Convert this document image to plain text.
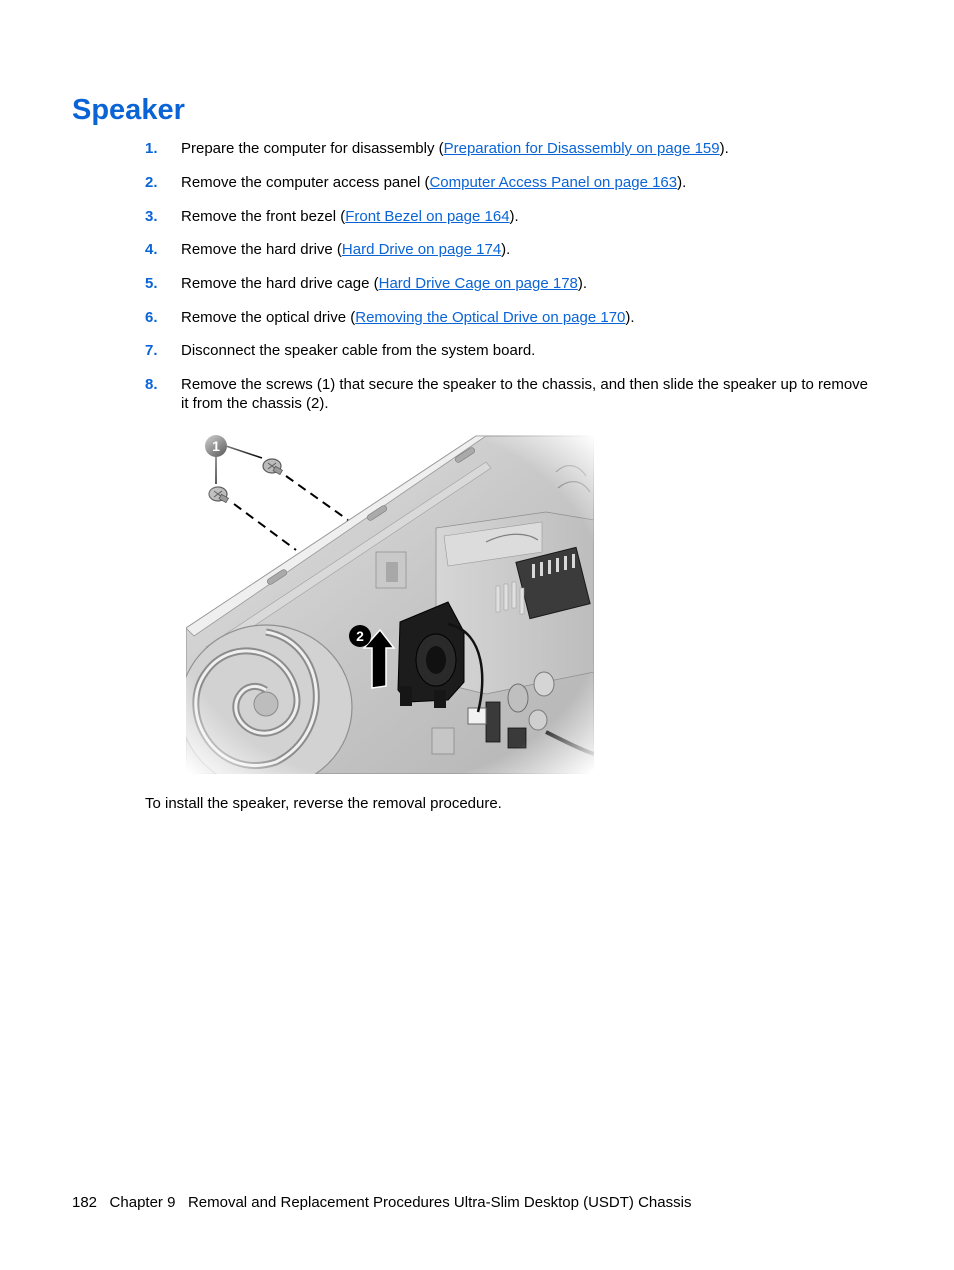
Speaker
1. Prepare the computer for disassembly (Preparation for Disassembly on page 159).
2. Remove the computer access panel (Computer Access Panel on page 163).
3. Remove the front bezel (Front Bezel on page 164).
4. Remove the hard drive (Hard Drive on page 174).
5. Remove the hard drive cage (Hard Drive Cage on page 178).
6. Remove the optical drive (Removing the Optical Drive on page 170).
7. Disconnect the speaker cable from the system board.
8. Remove the screws (1) that secure the speaker to the chassis, and then slide the speaker up to remove it from the chassis (2).
To install the speaker, reverse the removal procedure.
182 Chapter 9 Removal and Replacement Procedures Ultra-Slim Desktop (USDT) Chassis
